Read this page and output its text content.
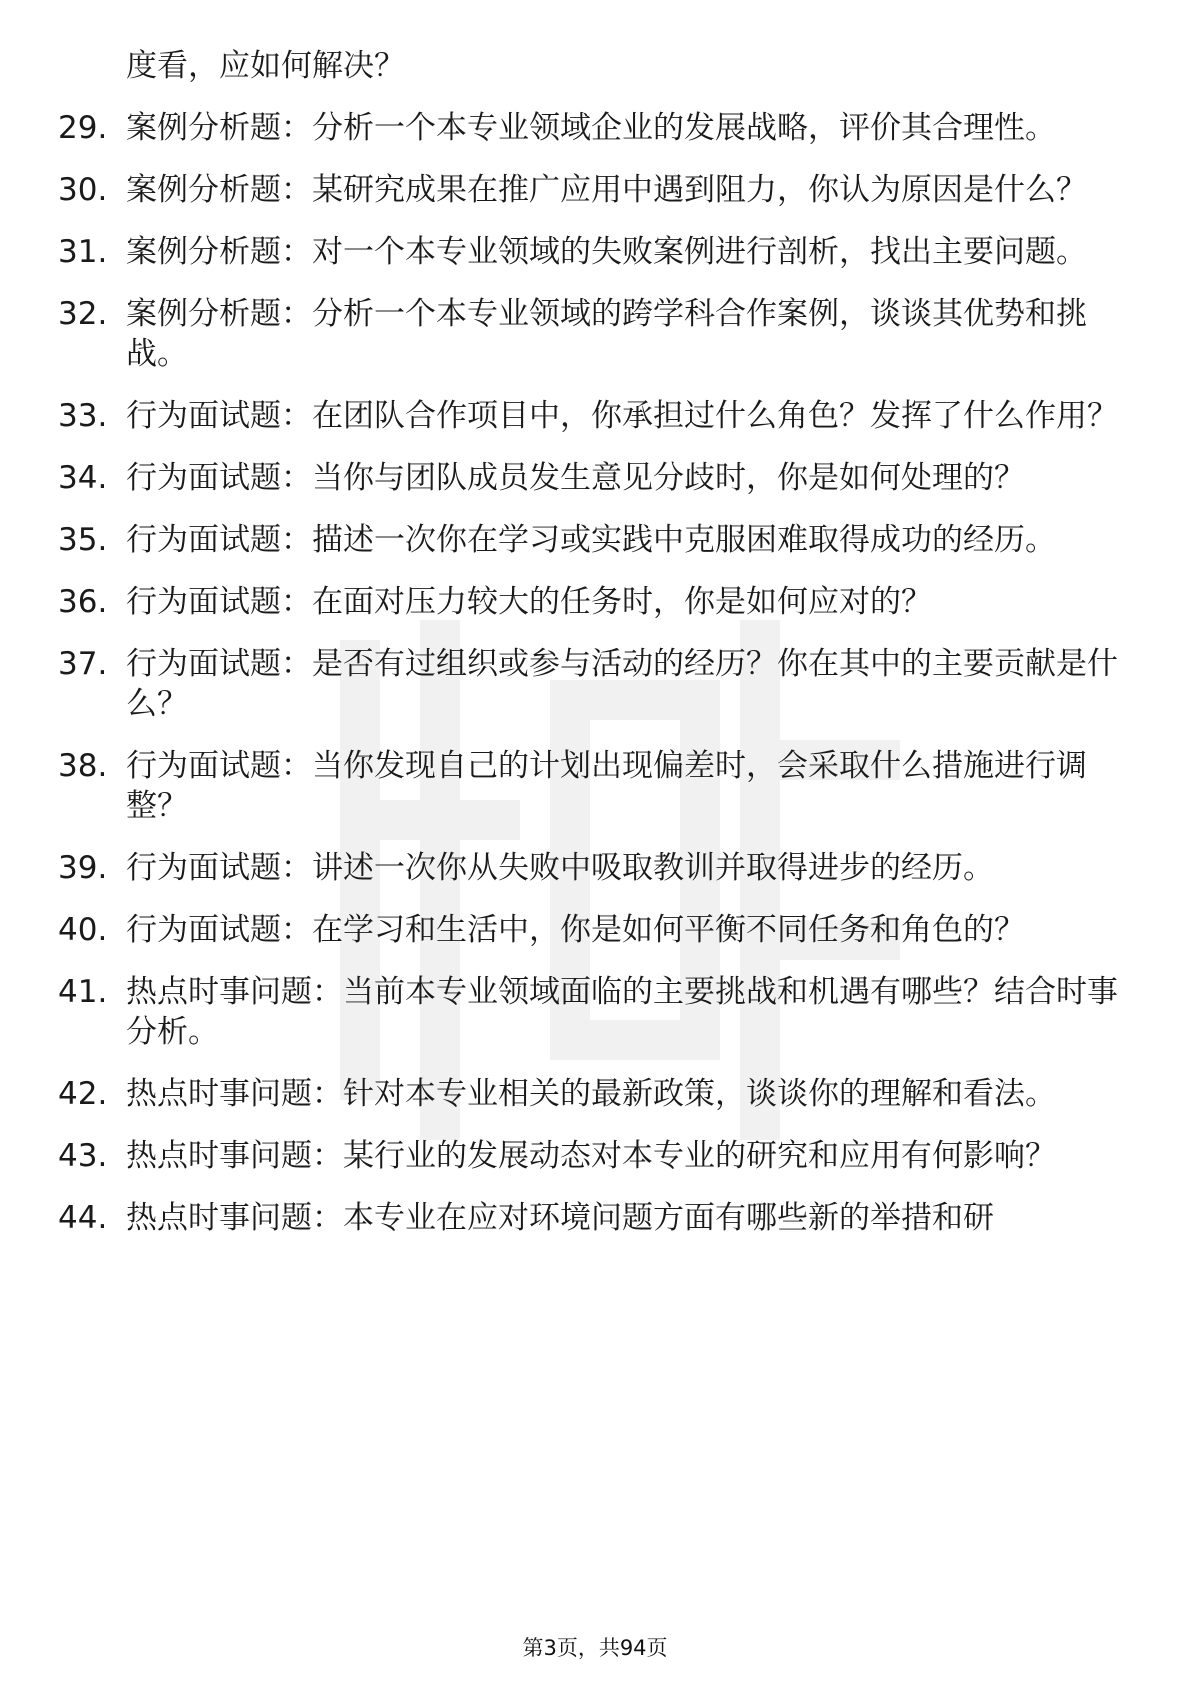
度看，应如何解决？
29. 案例分析题：分析一个本专业领域企业的发展战略，评价其合理性。
30. 案例分析题：某研究成果在推广应用中遇到阻力，你认为原因是什么？
31. 案例分析题：对一个本专业领域的失败案例进行剖析，找出主要问题。
32. 案例分析题：分析一个本专业领域的跨学科合作案例，谈谈其优势和挑战。
33. 行为面试题：在团队合作项目中，你承担过什么角色？发挥了什么作用？
34. 行为面试题：当你与团队成员发生意见分歧时，你是如何处理的？
35. 行为面试题：描述一次你在学习或实践中克服困难取得成功的经历。
36. 行为面试题：在面对压力较大的任务时，你是如何应对的？
37. 行为面试题：是否有过组织或参与活动的经历？你在其中的主要贡献是什么？
38. 行为面试题：当你发现自己的计划出现偏差时，会采取什么措施进行调整？
39. 行为面试题：讲述一次你从失败中吸取教训并取得进步的经历。
40. 行为面试题：在学习和生活中，你是如何平衡不同任务和角色的？
41. 热点时事问题：当前本专业领域面临的主要挑战和机遇有哪些？结合时事分析。
42. 热点时事问题：针对本专业相关的最新政策，谈谈你的理解和看法。
43. 热点时事问题：某行业的发展动态对本专业的研究和应用有何影响？
44. 热点时事问题：本专业在应对环境问题方面有哪些新的举措和研
第3页，共94页
